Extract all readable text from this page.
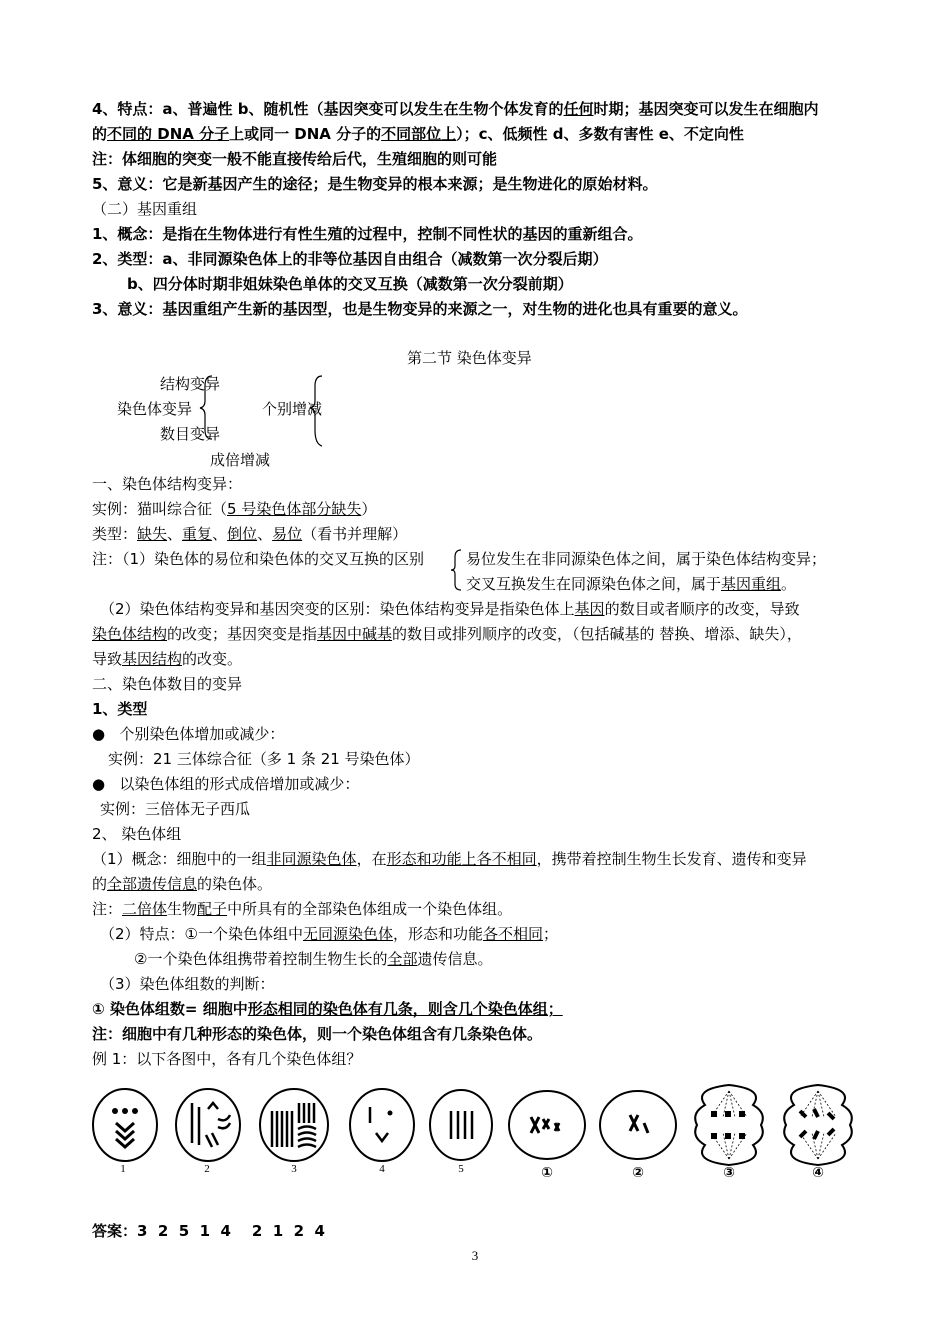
4、特点：a、普遍性 b、随机性（基因突变可以发生在生物个体发育的任何时期；基因突变可以发生在细胞内
的不同的 DNA 分子上或同一 DNA 分子的不同部位上）；c、低频性 d、多数有害性 e、不定向性
注：体细胞的突变一般不能直接传给后代，生殖细胞的则可能
5、意义：它是新基因产生的途径；是生物变异的根本来源；是生物进化的原始材料。
（二）基因重组
1、概念：是指在生物体进行有性生殖的过程中，控制不同性状的基因的重新组合。
2、类型：a、非同源染色体上的非等位基因自由组合（减数第一次分裂后期）
b、四分体时期非姐妹染色单体的交叉互换（减数第一次分裂前期）
3、意义：基因重组产生新的基因型，也是生物变异的来源之一，对生物的进化也具有重要的意义。
第二节 染色体变异
结构变异
染色体变异	个别增减
数目变异
成倍增减
一、染色体结构变异：
实例：猫叫综合征（5 号染色体部分缺失）
类型：缺失、重复、倒位、易位（看书并理解）
注：（1）染色体的易位和染色体的交叉互换的区别	易位发生在非同源染色体之间，属于染色体结构变异；
交叉互换发生在同源染色体之间，属于基因重组。
（2）染色体结构变异和基因突变的区别：染色体结构变异是指染色体上基因的数目或者顺序的改变，导致
染色体结构的改变；基因突变是指基因中碱基的数目或排列顺序的改变，（包括碱基的 替换、增添、缺失），
导致基因结构的改变。
二、染色体数目的变异
1、类型
● 个别染色体增加或减少：
实例：21 三体综合征（多 1 条 21 号染色体）
● 以染色体组的形式成倍增加或减少：
实例：三倍体无子西瓜
2、 染色体组
（1）概念：细胞中的一组非同源染色体，在形态和功能上各不相同，携带着控制生物生长发育、遗传和变异
的全部遗传信息的染色体。
注：二倍体生物配子中所具有的全部染色体组成一个染色体组。
（2）特点：①一个染色体组中无同源染色体，形态和功能各不相同；
②一个染色体组携带着控制生物生长的全部遗传信息。
（3）染色体组数的判断：
① 染色体组数= 细胞中形态相同的染色体有几条，则含几个染色体组；
注：细胞中有几种形态的染色体，则一个染色体组含有几条染色体。
例 1：以下各图中，各有几个染色体组？
1	2	3	4	5	①	②	③	④
答案：3  2  5  1  4    2  1  2  4
3
